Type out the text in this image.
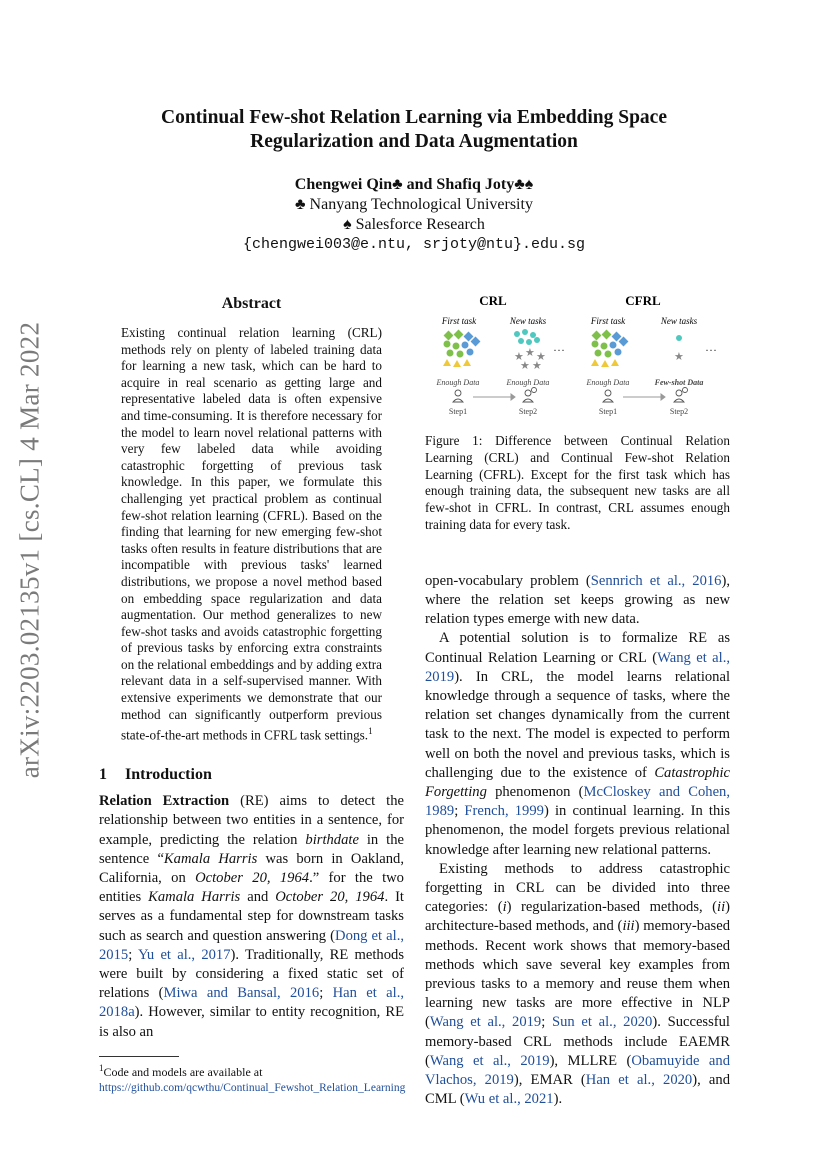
arXiv:2203.02135v1 [cs.CL] 4 Mar 2022
Continual Few-shot Relation Learning via Embedding Space
Regularization and Data Augmentation
Chengwei Qin♣ and Shafiq Joty♣♠
♣ Nanyang Technological University
♠ Salesforce Research
{chengwei003@e.ntu, srjoty@ntu}.edu.sg
Abstract

Existing continual relation learning (CRL) methods rely on plenty of labeled training data for learning a new task, which can be hard to acquire in real scenario as getting large and representative labeled data is often expensive and time-consuming. It is therefore necessary for the model to learn novel relational patterns with very few labeled data while avoiding catastrophic forgetting of previous task knowledge. In this paper, we formulate this challenging yet practical problem as continual few-shot relation learning (CFRL). Based on the finding that learning for new emerging few-shot tasks often results in feature distributions that are incompatible with previous tasks' learned distributions, we propose a novel method based on embedding space regularization and data augmentation. Our method generalizes to new few-shot tasks and avoids catastrophic forgetting of previous tasks by enforcing extra constraints on the relational embeddings and by adding extra relevant data in a self-supervised manner. With extensive experiments we demonstrate that our method can significantly outperform previous state-of-the-art methods in CFRL task settings.$^1$

1 Introduction

Relation Extraction (RE) aims to detect the relationship between two entities in a sentence, for example, predicting the relation birthdate in the sentence “Kamala Harris was born in Oakland, California, on October 20, 1964.” for the two entities Kamala Harris and October 20, 1964. It serves as a fundamental step for downstream tasks such as search and question answering (Dong et al., 2015; Yu et al., 2017). Traditionally, RE methods were built by considering a fixed static set of relations (Miwa and Bansal, 2016; Han et al., 2018a). However, similar to entity recognition, RE is also an

$^1$Code and models are available at
https://github.com/qcwthu/Continual_Fewshot_Relation_Learning
CRL	CFRL
First task	New tasks	First task	New tasks
★ ★ ★
★ ★
···	★ ···
Enough Data	Enough Data	Enough Data	Few-shot Data
Step1	Step2	Step1	Step2
Figure 1: Difference between Continual Relation Learning (CRL) and Continual Few-shot Relation Learning (CFRL). Except for the first task which has enough training data, the subsequent new tasks are all few-shot in CFRL. In contrast, CRL assumes enough training data for every task.

open-vocabulary problem (Sennrich et al., 2016), where the relation set keeps growing as new relation types emerge with new data.

A potential solution is to formalize RE as Continual Relation Learning or CRL (Wang et al., 2019). In CRL, the model learns relational knowledge through a sequence of tasks, where the relation set changes dynamically from the current task to the next. The model is expected to perform well on both the novel and previous tasks, which is challenging due to the existence of Catastrophic Forgetting phenomenon (McCloskey and Cohen, 1989; French, 1999) in continual learning. In this phenomenon, the model forgets previous relational knowledge after learning new relational patterns.

Existing methods to address catastrophic forgetting in CRL can be divided into three categories: (i) regularization-based methods, (ii) architecture-based methods, and (iii) memory-based methods. Recent work shows that memory-based methods which save several key examples from previous tasks to a memory and reuse them when learning new tasks are more effective in NLP (Wang et al., 2019; Sun et al., 2020). Successful memory-based CRL methods include EAEMR (Wang et al., 2019), MLLRE (Obamuyide and Vlachos, 2019), EMAR (Han et al., 2020), and CML (Wu et al., 2021).
